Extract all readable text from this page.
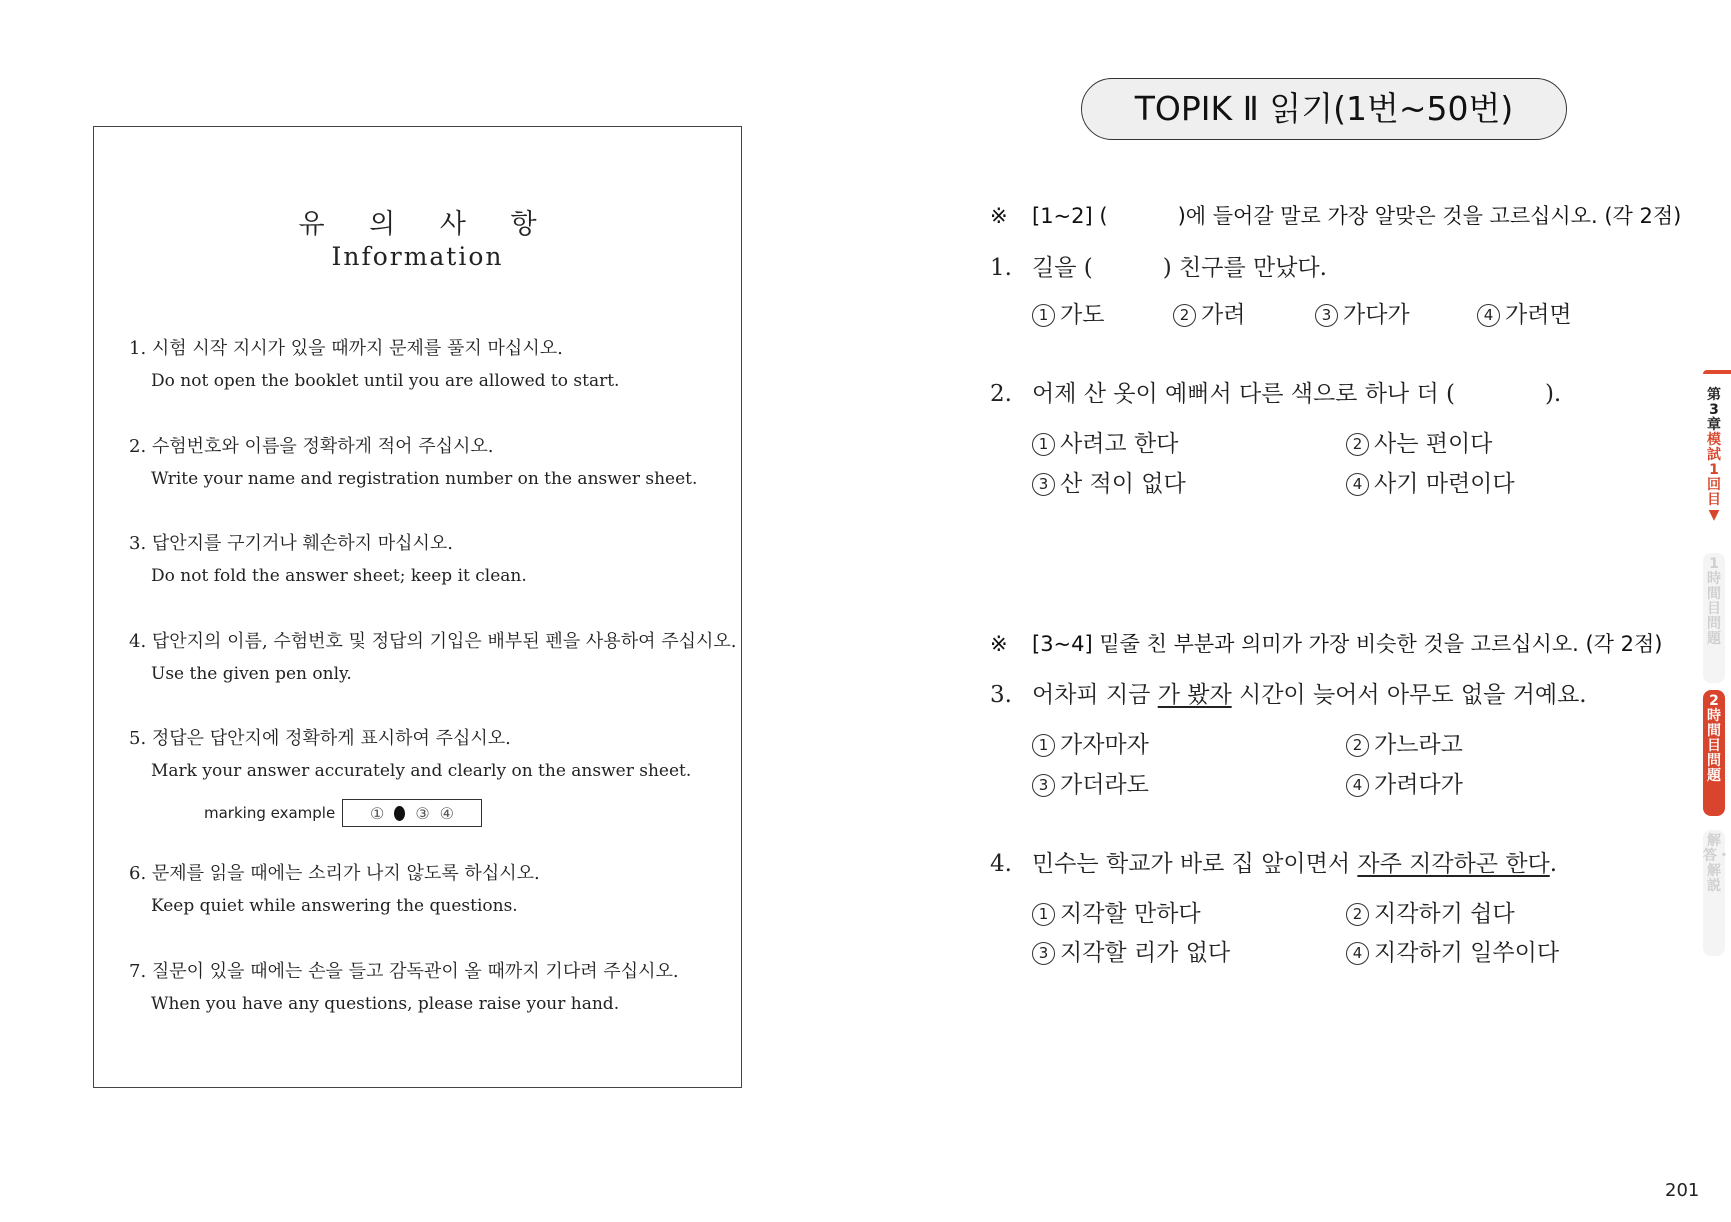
유 의 사 항
Information
1. 시험 시작 지시가 있을 때까지 문제를 풀지 마십시오.
Do not open the booklet until you are allowed to start.
2. 수험번호와 이름을 정확하게 적어 주십시오.
Write your name and registration number on the answer sheet.
3. 답안지를 구기거나 훼손하지 마십시오.
Do not fold the answer sheet; keep it clean.
4. 답안지의 이름, 수험번호 및 정답의 기입은 배부된 펜을 사용하여 주십시오.
Use the given pen only.
5. 정답은 답안지에 정확하게 표시하여 주십시오.
Mark your answer accurately and clearly on the answer sheet.
marking example ① ③ ④
6. 문제를 읽을 때에는 소리가 나지 않도록 하십시오.
Keep quiet while answering the questions.
7. 질문이 있을 때에는 손을 들고 감독관이 올 때까지 기다려 주십시오.
When you have any questions, please raise your hand.
TOPIK Ⅱ 읽기(1번~50번)
※ [1~2] (	)에 들어갈 말로 가장 알맞은 것을 고르십시오. (각 2점)
1. 길을 (	) 친구를 만났다.
1 가도	2 가려	3 가다가	4 가려면
2. 어제 산 옷이 예뻐서 다른 색으로 하나 더 (	).
1 사려고 한다	2 사는 편이다
3 산 적이 없다	4 사기 마련이다
※ [3~4] 밑줄 친 부분과 의미가 가장 비슷한 것을 고르십시오. (각 2점)
3. 어차피 지금 가 봤자 시간이 늦어서 아무도 없을 거예요.
1 가자마자	2 가느라고
3 가더라도	4 가려다가
4. 민수는 학교가 바로 집 앞이면서 자주 지각하곤 한다.
1 지각할 만하다	2 지각하기 쉽다
3 지각할 리가 없다	4 지각하기 일쑤이다
第3章
模試1回目▼
1時間目 問題
2時間目 問題
解答・解説
201
